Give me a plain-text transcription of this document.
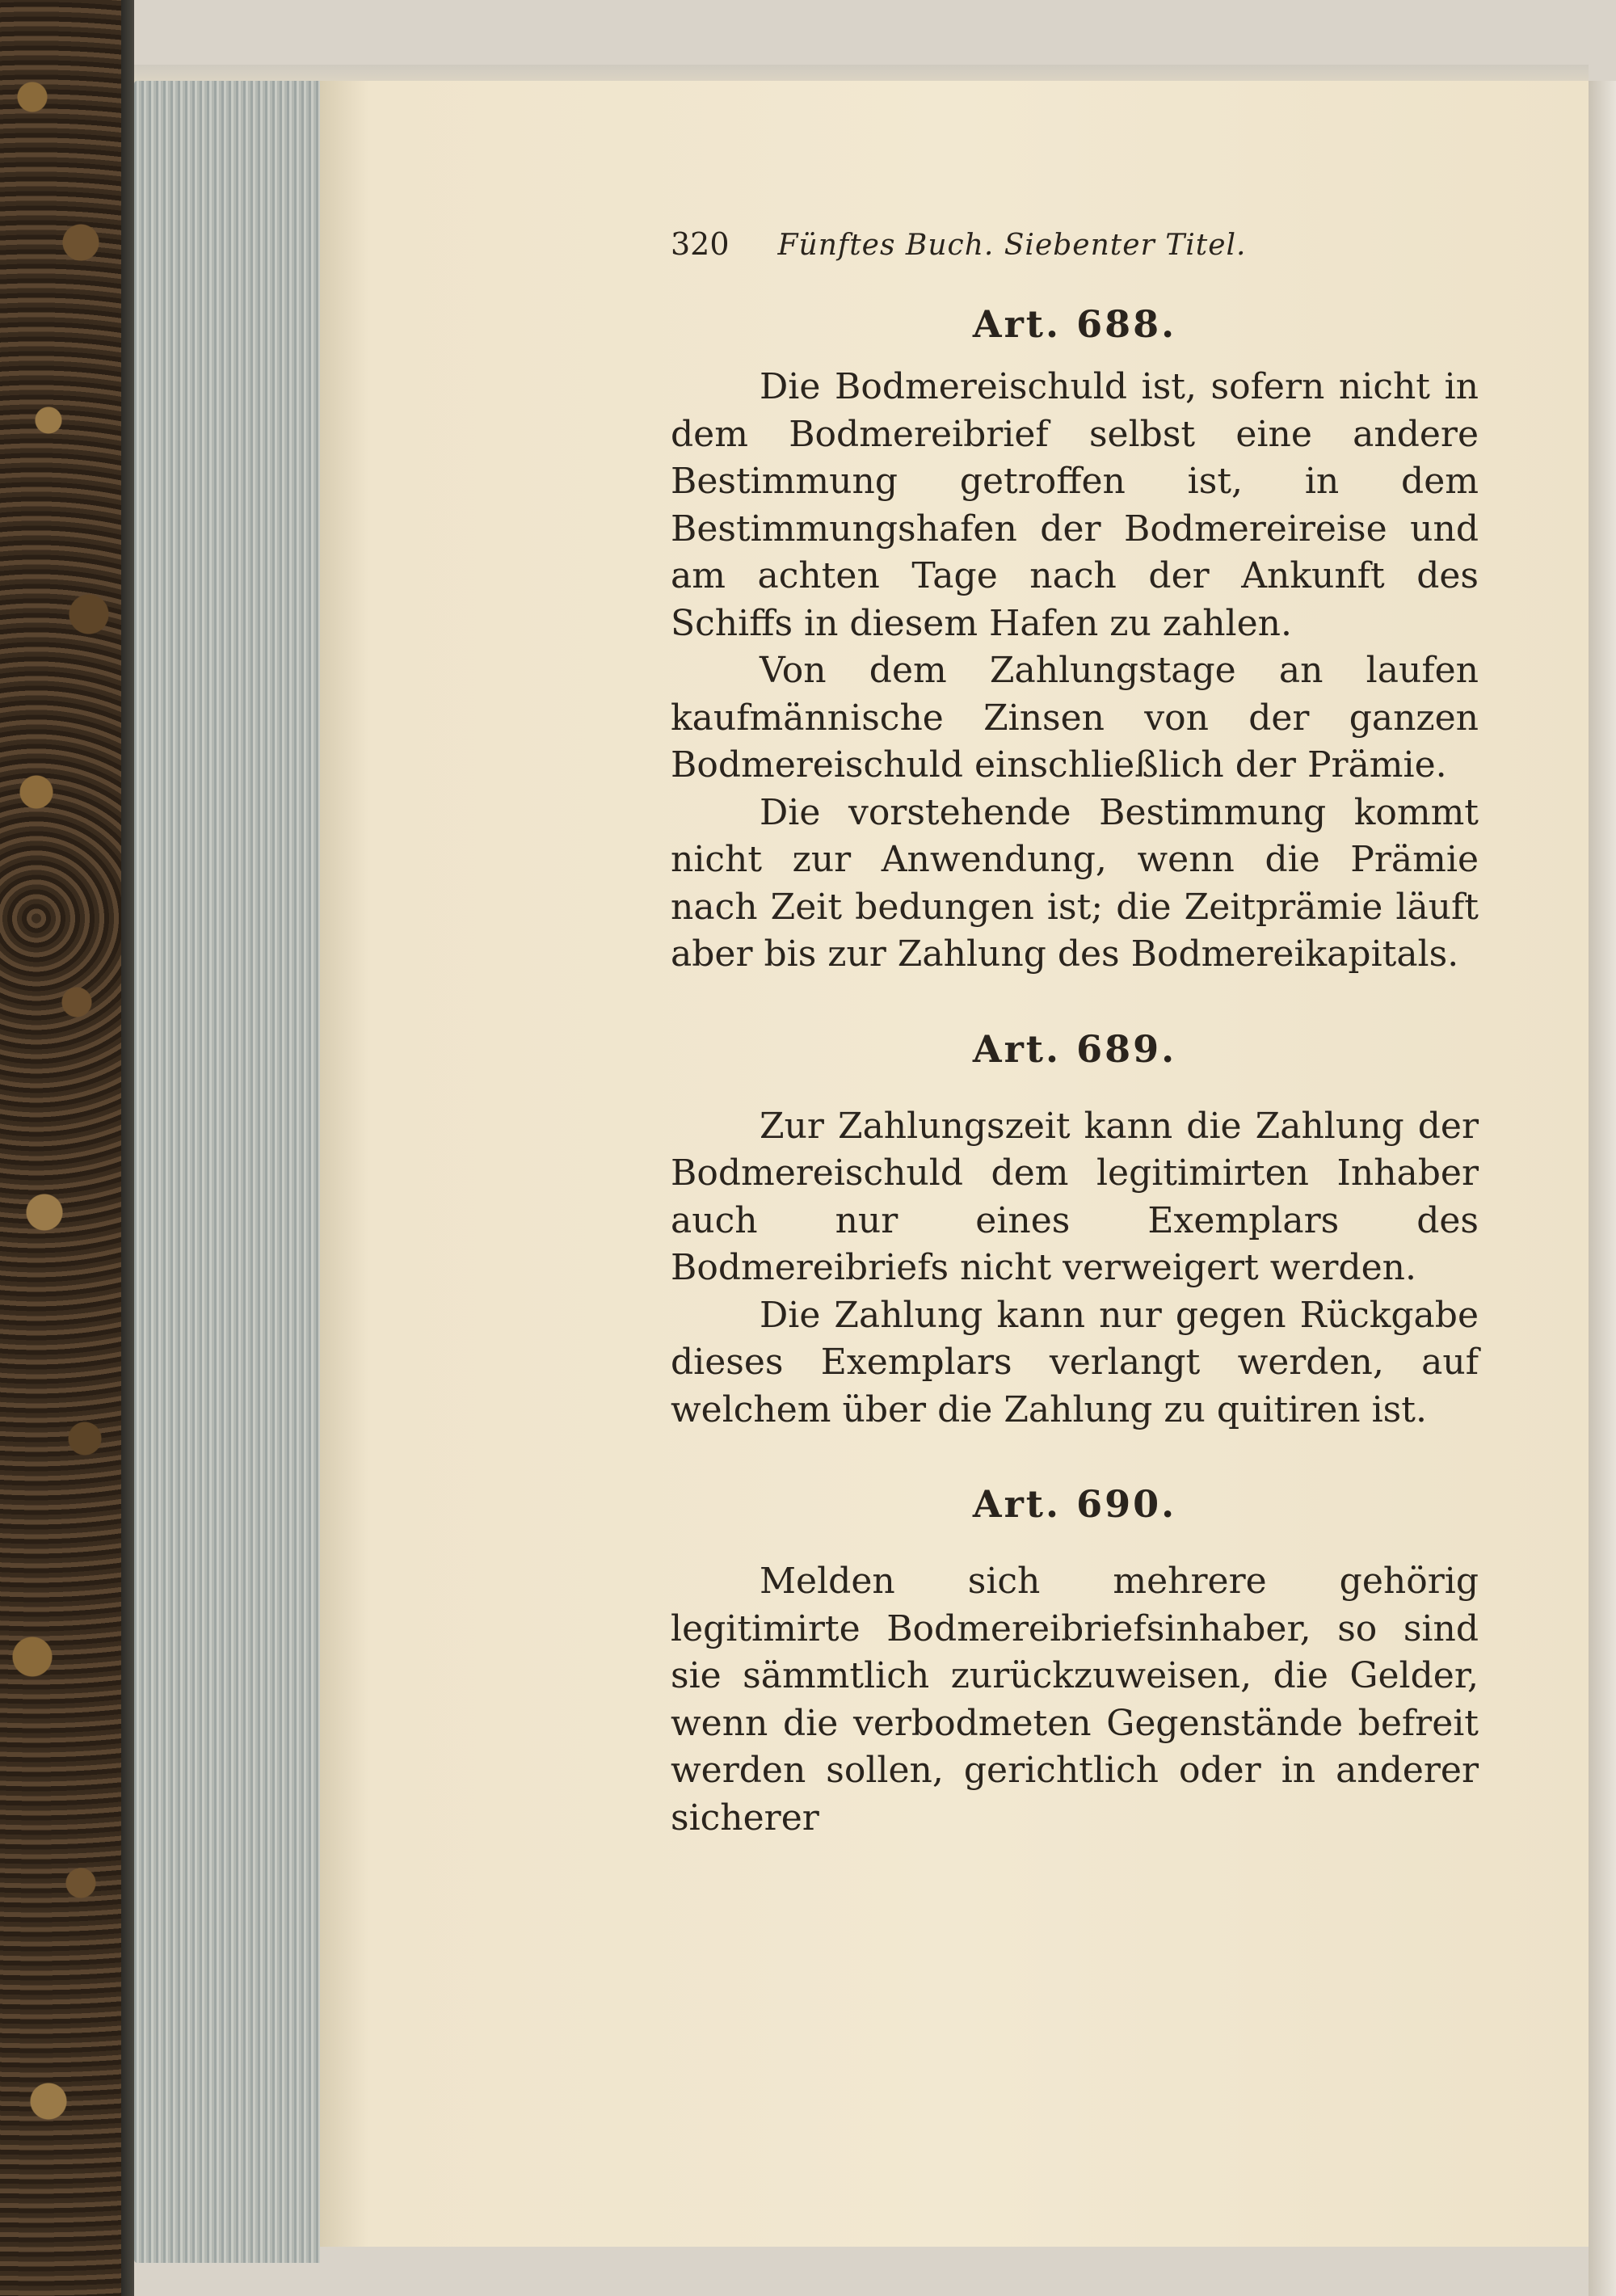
320 Fünftes Buch. Siebenter Titel.
Art. 688.

Die Bodmereischuld ist, sofern nicht in dem Bodmereibrief selbst eine andere Bestimmung getroffen ist, in dem Bestimmungshafen der Bodmereireise und am achten Tage nach der Ankunft des Schiffs in diesem Hafen zu zahlen.

Von dem Zahlungstage an laufen kaufmännische Zinsen von der ganzen Bodmereischuld einschließlich der Prämie.

Die vorstehende Bestimmung kommt nicht zur Anwendung, wenn die Prämie nach Zeit bedungen ist; die Zeitprämie läuft aber bis zur Zahlung des Bodmereikapitals.

Art. 689.

Zur Zahlungszeit kann die Zahlung der Bodmereischuld dem legitimirten Inhaber auch nur eines Exemplars des Bodmereibriefs nicht verweigert werden.

Die Zahlung kann nur gegen Rückgabe dieses Exemplars verlangt werden, auf welchem über die Zahlung zu quitiren ist.

Art. 690.

Melden sich mehrere gehörig legitimirte Bodmereibriefsinhaber, so sind sie sämmtlich zurückzuweisen, die Gelder, wenn die verbodmeten Gegenstände befreit werden sollen, gerichtlich oder in anderer sicherer
